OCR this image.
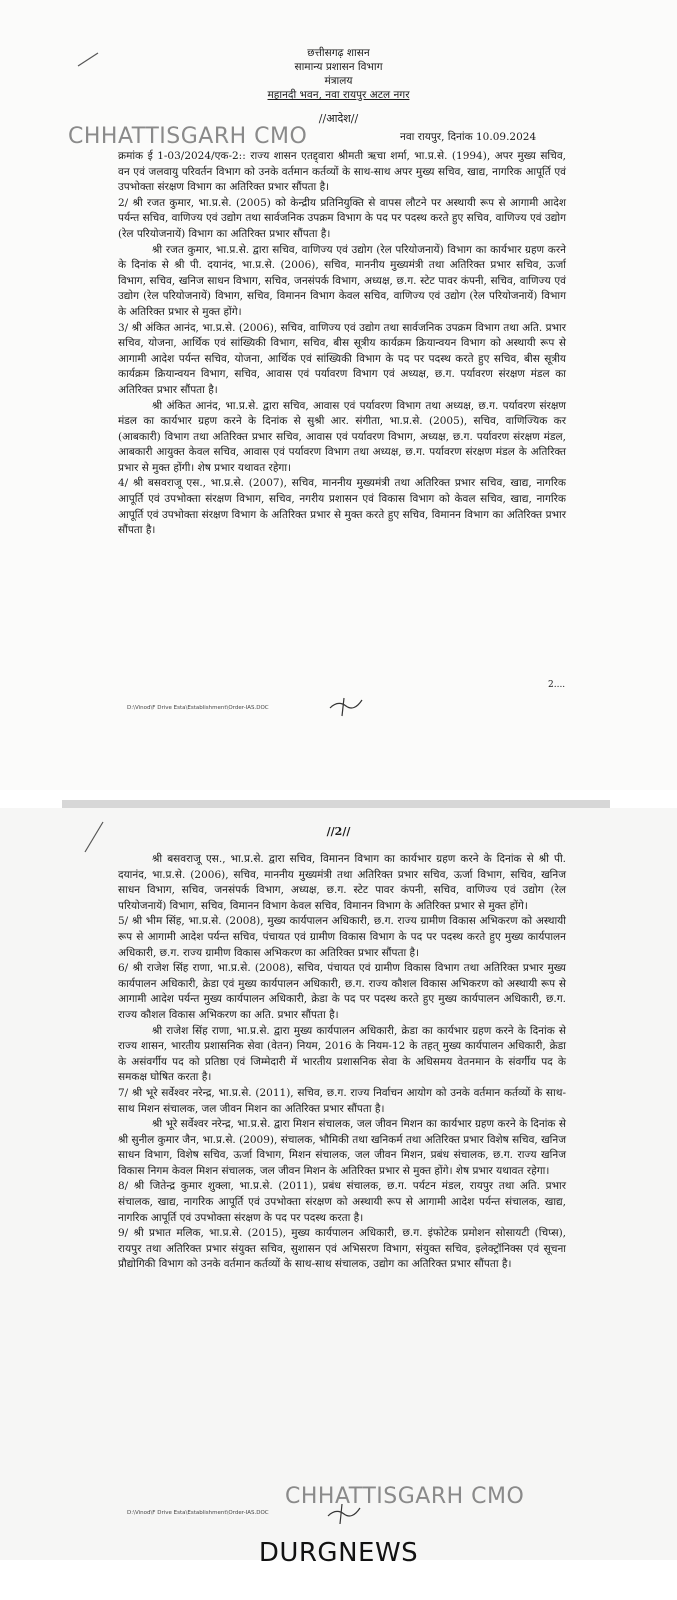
छत्तीसगढ़ शासन
सामान्य प्रशासन विभाग
मंत्रालय
महानदी भवन, नवा रायपुर अटल नगर
//आदेश//
CHHATTISGARH CMO	नवा रायपुर, दिनांक 10.09.2024

क्रमांक ई 1-03/2024/एक-2:: राज्य शासन एतद्द्वारा श्रीमती ऋचा शर्मा, भा.प्र.से. (1994), अपर मुख्य सचिव, वन एवं जलवायु परिवर्तन विभाग को उनके वर्तमान कर्तव्यों के साथ-साथ अपर मुख्य सचिव, खाद्य, नागरिक आपूर्ति एवं उपभोक्ता संरक्षण विभाग का अतिरिक्त प्रभार सौंपता है।

2/ श्री रजत कुमार, भा.प्र.से. (2005) को केन्द्रीय प्रतिनियुक्ति से वापस लौटने पर अस्थायी रूप से आगामी आदेश पर्यन्त सचिव, वाणिज्य एवं उद्योग तथा सार्वजनिक उपक्रम विभाग के पद पर पदस्थ करते हुए सचिव, वाणिज्य एवं उद्योग (रेल परियोजनायें) विभाग का अतिरिक्त प्रभार सौंपता है।

श्री रजत कुमार, भा.प्र.से. द्वारा सचिव, वाणिज्य एवं उद्योग (रेल परियोजनायें) विभाग का कार्यभार ग्रहण करने के दिनांक से श्री पी. दयानंद, भा.प्र.से. (2006), सचिव, माननीय मुख्यमंत्री तथा अतिरिक्त प्रभार सचिव, ऊर्जा विभाग, सचिव, खनिज साधन विभाग, सचिव, जनसंपर्क विभाग, अध्यक्ष, छ.ग. स्टेट पावर कंपनी, सचिव, वाणिज्य एवं उद्योग (रेल परियोजनायें) विभाग, सचिव, विमानन विभाग केवल सचिव, वाणिज्य एवं उद्योग (रेल परियोजनायें) विभाग के अतिरिक्त प्रभार से मुक्त होंगे।

3/ श्री अंकित आनंद, भा.प्र.से. (2006), सचिव, वाणिज्य एवं उद्योग तथा सार्वजनिक उपक्रम विभाग तथा अति. प्रभार सचिव, योजना, आर्थिक एवं सांख्यिकी विभाग, सचिव, बीस सूत्रीय कार्यक्रम क्रियान्वयन विभाग को अस्थायी रूप से आगामी आदेश पर्यन्त सचिव, योजना, आर्थिक एवं सांख्यिकी विभाग के पद पर पदस्थ करते हुए सचिव, बीस सूत्रीय कार्यक्रम क्रियान्वयन विभाग, सचिव, आवास एवं पर्यावरण विभाग एवं अध्यक्ष, छ.ग. पर्यावरण संरक्षण मंडल का अतिरिक्त प्रभार सौंपता है।

श्री अंकित आनंद, भा.प्र.से. द्वारा सचिव, आवास एवं पर्यावरण विभाग तथा अध्यक्ष, छ.ग. पर्यावरण संरक्षण मंडल का कार्यभार ग्रहण करने के दिनांक से सुश्री आर. संगीता, भा.प्र.से. (2005), सचिव, वाणिज्यिक कर (आबकारी) विभाग तथा अतिरिक्त प्रभार सचिव, आवास एवं पर्यावरण विभाग, अध्यक्ष, छ.ग. पर्यावरण संरक्षण मंडल, आबकारी आयुक्त केवल सचिव, आवास एवं पर्यावरण विभाग तथा अध्यक्ष, छ.ग. पर्यावरण संरक्षण मंडल के अतिरिक्त प्रभार से मुक्त होंगी। शेष प्रभार यथावत रहेगा।

4/ श्री बसवराजू एस., भा.प्र.से. (2007), सचिव, माननीय मुख्यमंत्री तथा अतिरिक्त प्रभार सचिव, खाद्य, नागरिक आपूर्ति एवं उपभोक्ता संरक्षण विभाग, सचिव, नगरीय प्रशासन एवं विकास विभाग को केवल सचिव, खाद्य, नागरिक आपूर्ति एवं उपभोक्ता संरक्षण विभाग के अतिरिक्त प्रभार से मुक्त करते हुए सचिव, विमानन विभाग का अतिरिक्त प्रभार सौंपता है।

2....
D:\Vinod\F Drive Esta\Establishment\Order-IAS.DOC
//2//

श्री बसवराजू एस., भा.प्र.से. द्वारा सचिव, विमानन विभाग का कार्यभार ग्रहण करने के दिनांक से श्री पी. दयानंद, भा.प्र.से. (2006), सचिव, माननीय मुख्यमंत्री तथा अतिरिक्त प्रभार सचिव, ऊर्जा विभाग, सचिव, खनिज साधन विभाग, सचिव, जनसंपर्क विभाग, अध्यक्ष, छ.ग. स्टेट पावर कंपनी, सचिव, वाणिज्य एवं उद्योग (रेल परियोजनायें) विभाग, सचिव, विमानन विभाग केवल सचिव, विमानन विभाग के अतिरिक्त प्रभार से मुक्त होंगे।

5/ श्री भीम सिंह, भा.प्र.से. (2008), मुख्य कार्यपालन अधिकारी, छ.ग. राज्य ग्रामीण विकास अभिकरण को अस्थायी रूप से आगामी आदेश पर्यन्त सचिव, पंचायत एवं ग्रामीण विकास विभाग के पद पर पदस्थ करते हुए मुख्य कार्यपालन अधिकारी, छ.ग. राज्य ग्रामीण विकास अभिकरण का अतिरिक्त प्रभार सौंपता है।

6/ श्री राजेश सिंह राणा, भा.प्र.से. (2008), सचिव, पंचायत एवं ग्रामीण विकास विभाग तथा अतिरिक्त प्रभार मुख्य कार्यपालन अधिकारी, क्रेडा एवं मुख्य कार्यपालन अधिकारी, छ.ग. राज्य कौशल विकास अभिकरण को अस्थायी रूप से आगामी आदेश पर्यन्त मुख्य कार्यपालन अधिकारी, क्रेडा के पद पर पदस्थ करते हुए मुख्य कार्यपालन अधिकारी, छ.ग. राज्य कौशल विकास अभिकरण का अति. प्रभार सौंपता है।

श्री राजेश सिंह राणा, भा.प्र.से. द्वारा मुख्य कार्यपालन अधिकारी, क्रेडा का कार्यभार ग्रहण करने के दिनांक से राज्य शासन, भारतीय प्रशासनिक सेवा (वेतन) नियम, 2016 के नियम-12 के तहत् मुख्य कार्यपालन अधिकारी, क्रेडा के असंवर्गीय पद को प्रतिष्ठा एवं जिम्मेदारी में भारतीय प्रशासनिक सेवा के अधिसमय वेतनमान के संवर्गीय पद के समकक्ष घोषित करता है।

7/ श्री भूरे सर्वेश्वर नरेन्द्र, भा.प्र.से. (2011), सचिव, छ.ग. राज्य निर्वाचन आयोग को उनके वर्तमान कर्तव्यों के साथ-साथ मिशन संचालक, जल जीवन मिशन का अतिरिक्त प्रभार सौंपता है।

श्री भूरे सर्वेश्वर नरेन्द्र, भा.प्र.से. द्वारा मिशन संचालक, जल जीवन मिशन का कार्यभार ग्रहण करने के दिनांक से श्री सुनील कुमार जैन, भा.प्र.से. (2009), संचालक, भौमिकी तथा खनिकर्म तथा अतिरिक्त प्रभार विशेष सचिव, खनिज साधन विभाग, विशेष सचिव, ऊर्जा विभाग, मिशन संचालक, जल जीवन मिशन, प्रबंध संचालक, छ.ग. राज्य खनिज विकास निगम केवल मिशन संचालक, जल जीवन मिशन के अतिरिक्त प्रभार से मुक्त होंगे। शेष प्रभार यथावत रहेगा।

8/ श्री जितेन्द्र कुमार शुक्ला, भा.प्र.से. (2011), प्रबंध संचालक, छ.ग. पर्यटन मंडल, रायपुर तथा अति. प्रभार संचालक, खाद्य, नागरिक आपूर्ति एवं उपभोक्ता संरक्षण को अस्थायी रूप से आगामी आदेश पर्यन्त संचालक, खाद्य, नागरिक आपूर्ति एवं उपभोक्ता संरक्षण के पद पर पदस्थ करता है।

9/ श्री प्रभात मलिक, भा.प्र.से. (2015), मुख्य कार्यपालन अधिकारी, छ.ग. इंफोटेक प्रमोशन सोसायटी (चिप्स), रायपुर तथा अतिरिक्त प्रभार संयुक्त सचिव, सुशासन एवं अभिसरण विभाग, संयुक्त सचिव, इलेक्ट्रॉनिक्स एवं सूचना प्रौद्योगिकी विभाग को उनके वर्तमान कर्तव्यों के साथ-साथ संचालक, उद्योग का अतिरिक्त प्रभार सौंपता है।

CHHATTISGARH CMO
D:\Vinod\F Drive Esta\Establishment\Order-IAS.DOC
DURGNEWS
